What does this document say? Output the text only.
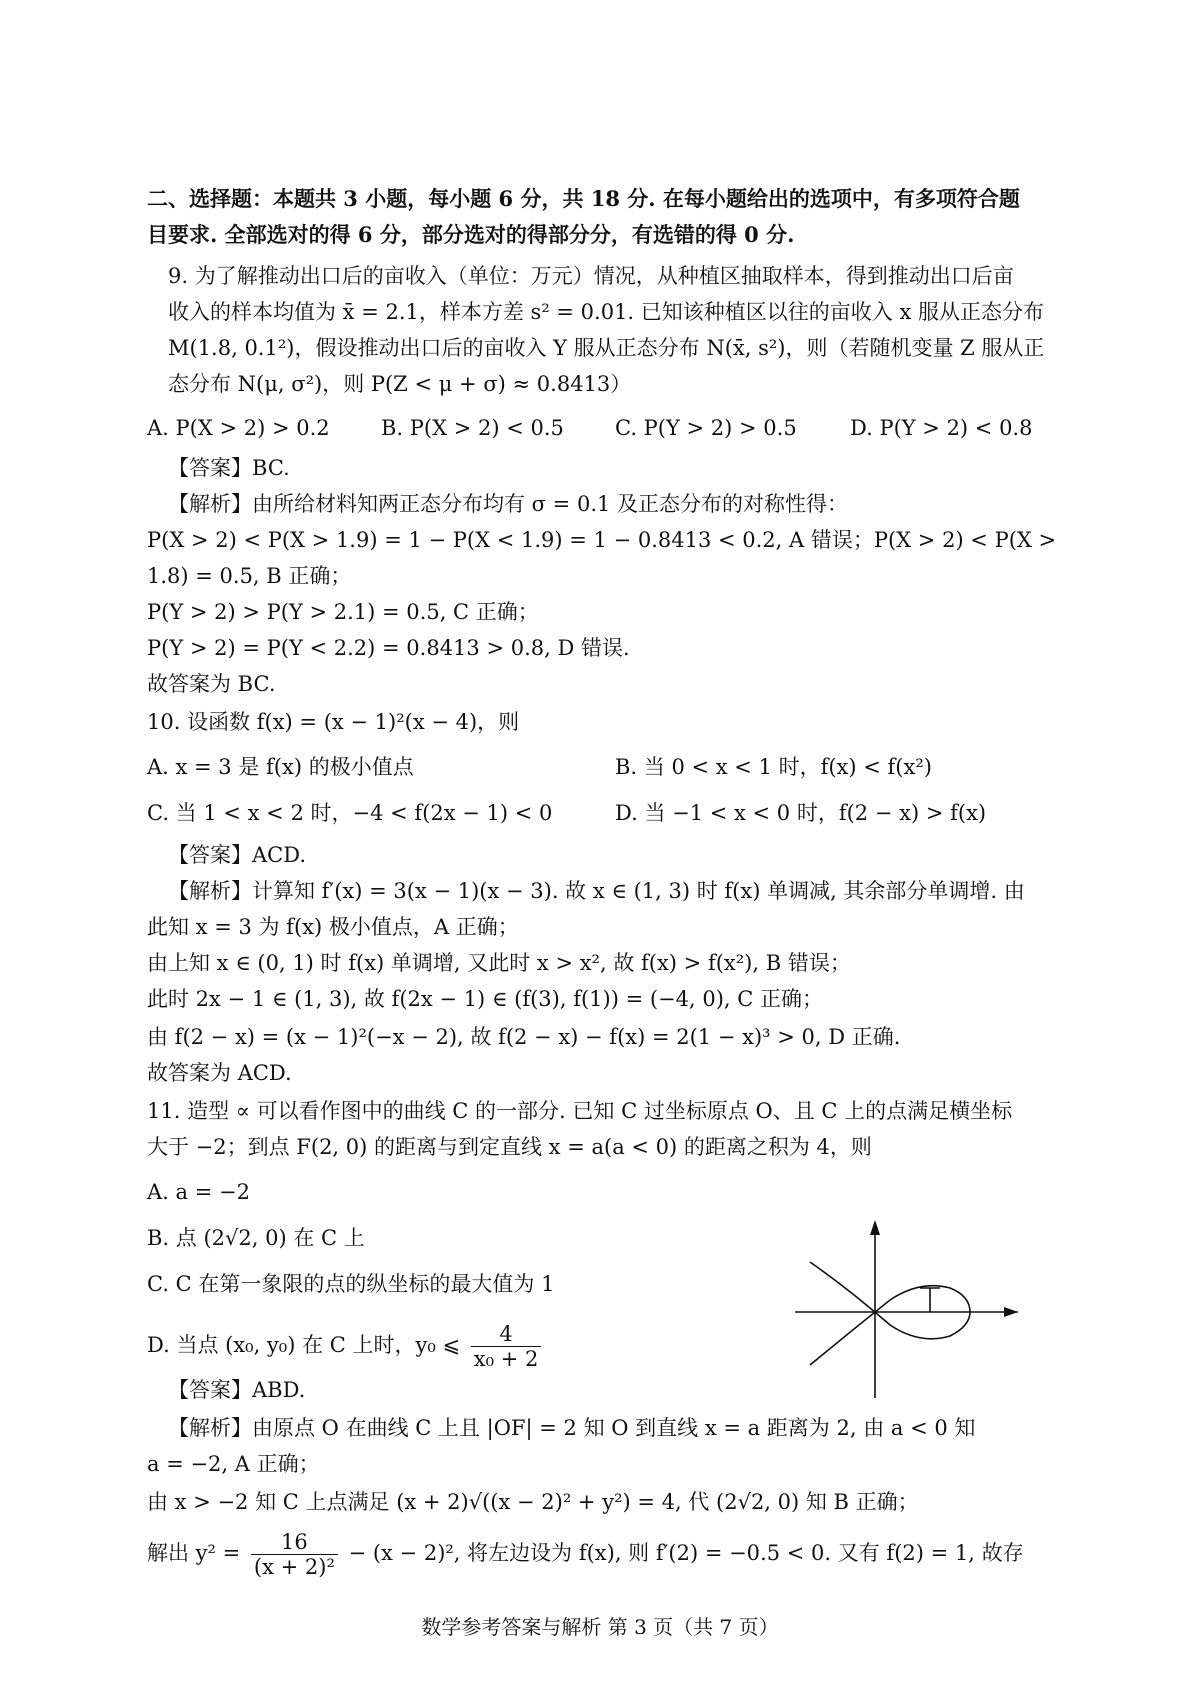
二、选择题：本题共 3 小题，每小题 6 分，共 18 分. 在每小题给出的选项中，有多项符合题
目要求. 全部选对的得 6 分，部分选对的得部分分，有选错的得 0 分.
9. 为了解推动出口后的亩收入（单位：万元）情况，从种植区抽取样本，得到推动出口后亩
收入的样本均值为 x̄ = 2.1，样本方差 s² = 0.01. 已知该种植区以往的亩收入 x 服从正态分布
M(1.8, 0.1²)，假设推动出口后的亩收入 Y 服从正态分布 N(x̄, s²)，则（若随机变量 Z 服从正
态分布 N(μ, σ²)，则 P(Z < μ + σ) ≈ 0.8413）
A. P(X > 2) > 0.2 B. P(X > 2) < 0.5 C. P(Y > 2) > 0.5	D. P(Y > 2) < 0.8
【答案】BC.
【解析】由所给材料知两正态分布均有 σ = 0.1 及正态分布的对称性得：
P(X > 2) < P(X > 1.9) = 1 − P(X < 1.9) = 1 − 0.8413 < 0.2, A 错误；P(X > 2) < P(X >
1.8) = 0.5, B 正确；
P(Y > 2) > P(Y > 2.1) = 0.5, C 正确；
P(Y > 2) = P(Y < 2.2) = 0.8413 > 0.8, D 错误.
故答案为 BC.
10. 设函数 f(x) = (x − 1)²(x − 4)，则
A. x = 3 是 f(x) 的极小值点	B. 当 0 < x < 1 时，f(x) < f(x²)
C. 当 1 < x < 2 时，−4 < f(2x − 1) < 0	D. 当 −1 < x < 0 时，f(2 − x) > f(x)
【答案】ACD.
【解析】计算知 f′(x) = 3(x − 1)(x − 3). 故 x ∈ (1, 3) 时 f(x) 单调减, 其余部分单调增. 由
此知 x = 3 为 f(x) 极小值点，A 正确；
由上知 x ∈ (0, 1) 时 f(x) 单调增, 又此时 x > x², 故 f(x) > f(x²), B 错误；
此时 2x − 1 ∈ (1, 3), 故 f(2x − 1) ∈ (f(3), f(1)) = (−4, 0), C 正确；
由 f(2 − x) = (x − 1)²(−x − 2), 故 f(2 − x) − f(x) = 2(1 − x)³ > 0, D 正确.
故答案为 ACD.
11. 造型 ∝ 可以看作图中的曲线 C 的一部分. 已知 C 过坐标原点 O、且 C 上的点满足横坐标
大于 −2；到点 F(2, 0) 的距离与到定直线 x = a(a < 0) 的距离之积为 4，则
A. a = −2
B. 点 (2√2, 0) 在 C 上
C. C 在第一象限的点的纵坐标的最大值为 1
D. 当点 (x₀, y₀) 在 C 上时，y₀ ⩽ $\frac{4}{\text{x₀ + 2}}$
【答案】ABD.
【解析】由原点 O 在曲线 C 上且 |OF| = 2 知 O 到直线 x = a 距离为 2, 由 a < 0 知
a = −2, A 正确；
由 x > −2 知 C 上点满足 (x + 2)√((x − 2)² + y²) = 4, 代 (2√2, 0) 知 B 正确；
解出 $y^2 = \frac{16}{\text{(x + 2)²}} - (x - 2)^2$, 将左边设为 f(x), 则 f′(2) = −0.5 < 0. 又有 f(2) = 1, 故存
数学参考答案与解析 第 3 页（共 7 页）
